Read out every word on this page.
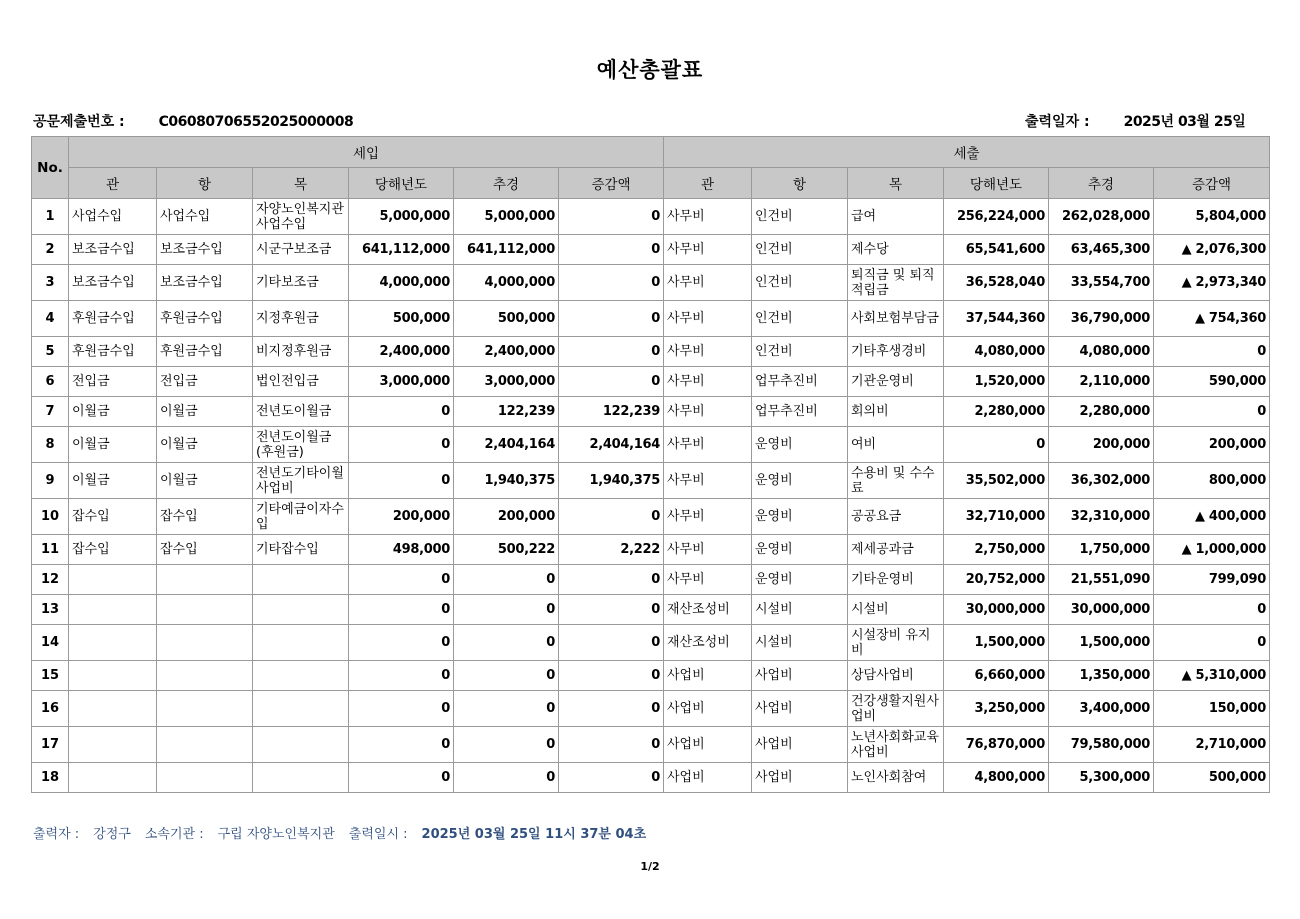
예산총괄표
공문제출번호 : C06080706552025000008	출력일자 : 2025년 03월 25일
No.	세입						세출					
	관	항	목	당해년도	추경	증감액	관	항	목	당해년도	추경	증감액
1	사업수입	사업수입	자양노인복지관사업수입	5,000,000	5,000,000	0	사무비	인건비	급여	256,224,000	262,028,000	5,804,000
2	보조금수입	보조금수입	시군구보조금	641,112,000	641,112,000	0	사무비	인건비	제수당	65,541,600	63,465,300	▲ 2,076,300
3	보조금수입	보조금수입	기타보조금	4,000,000	4,000,000	0	사무비	인건비	퇴직금 및 퇴직적립금	36,528,040	33,554,700	▲ 2,973,340
4	후원금수입	후원금수입	지정후원금	500,000	500,000	0	사무비	인건비	사회보험부담금	37,544,360	36,790,000	▲ 754,360
5	후원금수입	후원금수입	비지정후원금	2,400,000	2,400,000	0	사무비	인건비	기타후생경비	4,080,000	4,080,000	0
6	전입금	전입금	법인전입금	3,000,000	3,000,000	0	사무비	업무추진비	기관운영비	1,520,000	2,110,000	590,000
7	이월금	이월금	전년도이월금	0	122,239	122,239	사무비	업무추진비	회의비	2,280,000	2,280,000	0
8	이월금	이월금	전년도이월금(후원금)	0	2,404,164	2,404,164	사무비	운영비	여비	0	200,000	200,000
9	이월금	이월금	전년도기타이월사업비	0	1,940,375	1,940,375	사무비	운영비	수용비 및 수수료	35,502,000	36,302,000	800,000
10	잡수입	잡수입	기타예금이자수입	200,000	200,000	0	사무비	운영비	공공요금	32,710,000	32,310,000	▲ 400,000
11	잡수입	잡수입	기타잡수입	498,000	500,222	2,222	사무비	운영비	제세공과금	2,750,000	1,750,000	▲ 1,000,000
12				0	0	0	사무비	운영비	기타운영비	20,752,000	21,551,090	799,090
13				0	0	0	재산조성비	시설비	시설비	30,000,000	30,000,000	0
14				0	0	0	재산조성비	시설비	시설장비 유지비	1,500,000	1,500,000	0
15				0	0	0	사업비	사업비	상담사업비	6,660,000	1,350,000	▲ 5,310,000
16				0	0	0	사업비	사업비	건강생활지원사업비	3,250,000	3,400,000	150,000
17				0	0	0	사업비	사업비	노년사회화교육사업비	76,870,000	79,580,000	2,710,000
18				0	0	0	사업비	사업비	노인사회참여	4,800,000	5,300,000	500,000
출력자 : 강정구 소속기관 : 구립 자양노인복지관 출력일시 : 2025년 03월 25일 11시 37분 04초
1/2
